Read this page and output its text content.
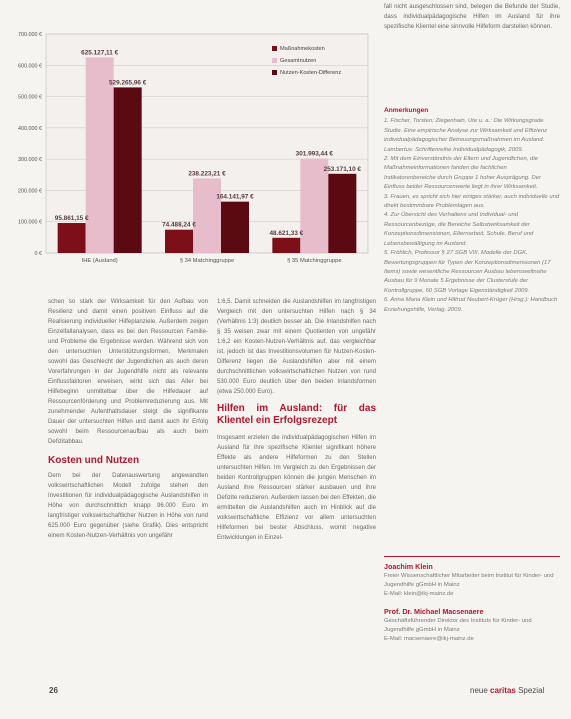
0 €
100.000 €
200.000 €
300.000 €
400.000 €
500.000 €
600.000 €
700.000 €
95.861,15 €
625.127,11 €
529.265,96 €
74.488,24 €
238.223,21 €
164.141,97 €
48.621,33 €
301.993,44 €
253.171,10 €
IHE (Ausland)	§ 34 Matchinggruppe	§ 35 Matchinggruppe
Maßnahmekosten
Gesamtnutzen
Nutzen-Kosten-Differenz

schen so stark der Wirksamkeit für den Aufbau von Resilienz und damit einen positiven Einfluss auf die Realisierung individueller Hilfeplanziele. Außerdem zeigen Einzelfallanalysen, dass es bei den Ressourcen Familie- und Probleme die Ergebnisse werden. Während sich von den untersuchten Unterstützungsformen, Merkmalen sowohl das Geschlecht der Jugendlichen als auch deren Vorerfahrungen in der Jugendhilfe nicht als relevante Einflussfaktoren erweisen, wirkt sich das Alter bei Hilfebeginn unmittelbar über die Hilfedauer auf Ressourcenförderung und Problemreduzierung aus. Mit zunehmender Aufenthaltsdauer steigt die signifikante Dauer der untersuchten Hilfen und damit auch ihr Erfolg sowohl beim Ressourcenaufbau als auch beim Defizitabbau.

Kosten und Nutzen

Dem bei der Datenauswertung angewandten volkswirtschaftlichen Modell zufolge stehen den Investitionen für individualpädagogische Auslandshilfen in Höhe von durchschnittlich knapp 96.000 Euro im langfristiger volkswirtschaftlicher Nutzen in Höhe von rund 625.000 Euro gegenüber (siehe Grafik). Dies entspricht einem Kosten-Nutzen-Verhältnis von ungefähr

1:6,5. Damit schneiden die Auslandshilfen im langfristigen Vergleich mit den untersuchten Hilfen nach § 34 (Verhältnis 1:3) deutlich besser ab. Die Inlandshilfen nach § 35 weisen zwar mit einem Quotienten von ungefähr 1:6,2 ein Kosten-Nutzen-Verhältnis auf, das vergleichbar ist, jedoch ist das Investitionsvolumen für Nutzen-Kosten-Differenz liegen die Auslandshilfen aber mit einem durchschnittlichen volkswirtschaftlichen Nutzen von rund 530.000 Euro deutlich über den beiden Inlandsformen (etwa 250.000 Euro).

Hilfen im Ausland: für das Klientel ein Erfolgsrezept

Insgesamt erzielen die individualpädagogischen Hilfen im Ausland für ihre spezifische Klientel signifikant höhere Effekte als andere Hilfeformen zu den Stellen untersuchten Hilfen. Im Vergleich zu den Ergebnissen der beiden Kontrollgruppen können die jungen Menschen im Ausland ihre Ressourcen stärker ausbauen und ihre Defizite reduzieren. Außerdem lassen bei den Effekten, die ermittelten die Auslandshilfen auch im Hinblick auf die volkswirtschaftliche Effizienz vor allem untersuchten Hilfeformen bei bester Abschluss, womit negative Entwicklungen in Einzel-

fall nicht ausgeschlossen sind, belegen die Befunde der Studie, dass individualpädagogische Hilfen im Ausland für ihre spezifische Klientel eine sinnvolle Hilfeform darstellen können.

Anmerkungen

1. Fischer, Torsten; Ziegenhain, Ute u. a.: Die Wirkungsgrade Studie. Eine empirische Analyse zur Wirksamkeit und Effizienz individualpädagogischer Betreuungsmaßnahmen im Ausland. Lambertus: Schriftenreihe Individualpädagogik, 2009.

2. Mit dem Einverständnis der Eltern und Jugendlichen, die Maßnahmeinformationen fanden die fachlichen Indikatorenbereiche durch Gruppe 1 hoher Ausprägung. Der Einfluss beider Ressourcenwerte liegt in ihrer Wirksamkeit.

3. Frauen, es spricht sich hier einiges stärker, auch individuelle und direkt bestimmbare Problemlagen aus.

4. Zur Übersicht des Verhaltens und Individual- und Ressourcenbezüge, die Bereiche Selbstwirksamkeit der Konzeptionsdimensionen, Elternarbeit, Schule, Beruf und Lebensbewältigung im Ausland.

5. Fröhlich, Professor § 27 SGB VIII, Modelle der DGK. Bewertungsgruppen für Typen der Konzeptionsdimensionen (17 Items) sowie wesentliche Ressourcen Ausbau lebensweltnahe Ausbau für 9 Monate 5 Ergebnisse der Clusterstufe der Kontrollgruppe, 60 SGB Vorlage Eigenständigkeit 2009.

6. Anna Maria Klein und Hiltrud Neubert-Krüger (Hrsg.): Handbuch Erziehungshilfe, Verlag. 2009.

Joachim Klein

Freier Wissenschaftlicher Mitarbeiter beim Institut für Kinder- und Jugendhilfe gGmbH in Mainz

E-Mail: klein@ikj-mainz.de

Prof. Dr. Michael Macsenaere

Geschäftsführender Direktor des Instituts für Kinder- und Jugendhilfe gGmbH in Mainz

E-Mail: macsenaere@ikj-mainz.de

26	neue caritas Spezial
